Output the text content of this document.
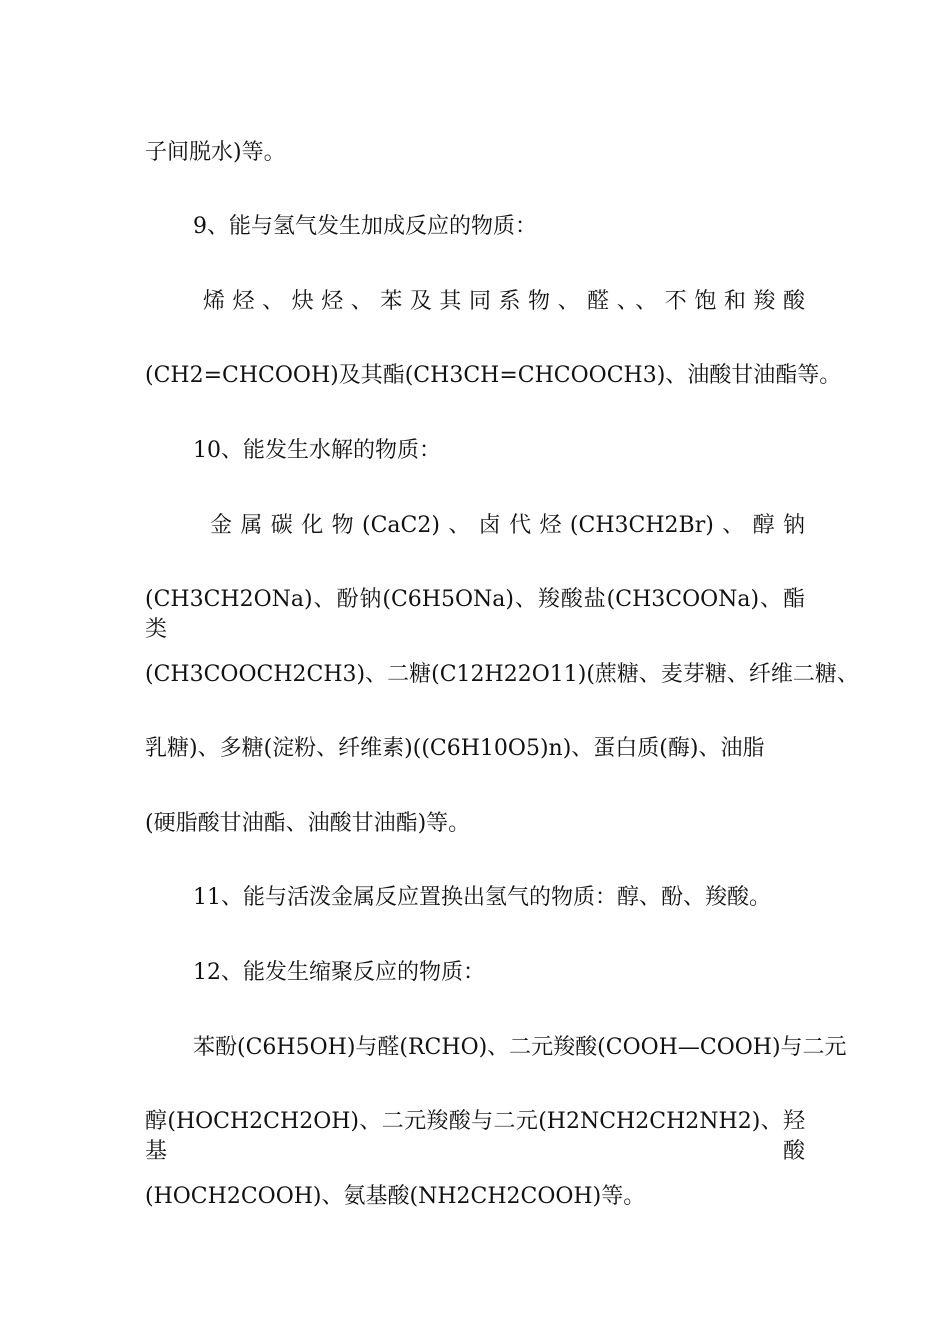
子间脱水)等。
9、能与氢气发生加成反应的物质：
烯烃、炔烃、苯及其同系物、醛、、不饱和羧酸
(CH2=CHCOOH)及其酯(CH3CH=CHCOOCH3)、油酸甘油酯等。
10、能发生水解的物质：
金属碳化物(CaC2)、卤代烃(CH3CH2Br)、醇钠
(CH3CH2ONa)、酚钠(C6H5ONa)、羧酸盐(CH3COONa)、酯类
(CH3COOCH2CH3)、二糖(C12H22O11)(蔗糖、麦芽糖、纤维二糖、
乳糖)、多糖(淀粉、纤维素)((C6H10O5)n)、蛋白质(酶)、油脂
(硬脂酸甘油酯、油酸甘油酯)等。
11、能与活泼金属反应置换出氢气的物质：醇、酚、羧酸。
12、能发生缩聚反应的物质：
苯酚(C6H5OH)与醛(RCHO)、二元羧酸(COOH—COOH)与二元
醇(HOCH2CH2OH)、二元羧酸与二元(H2NCH2CH2NH2)、羟基酸
(HOCH2COOH)、氨基酸(NH2CH2COOH)等。
